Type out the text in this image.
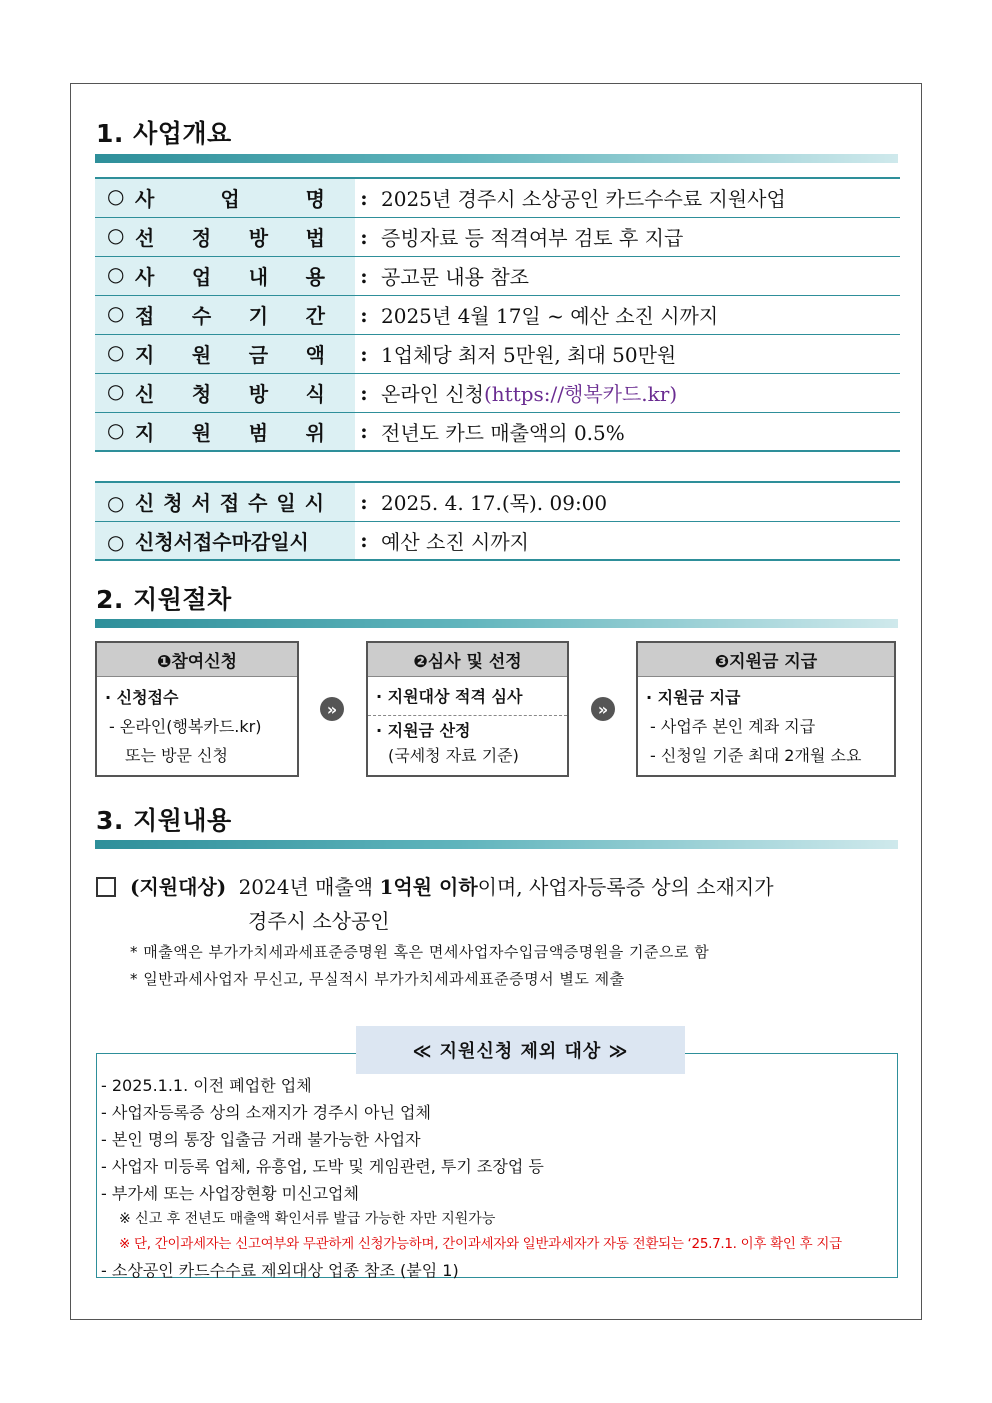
1. 사업개요
○ 사 업 명	:	2025년 경주시 소상공인 카드수수료 지원사업
○ 선 정 방 법	:	증빙자료 등 적격여부 검토 후 지급
○ 사 업 내 용	:	공고문 내용 참조
○ 접 수 기 간	:	2025년 4월 17일 ~ 예산 소진 시까지
○ 지 원 금 액	:	1업체당 최저 5만원, 최대 50만원
○ 신 청 방 식	:	온라인 신청(https://행복카드.kr)
○ 지 원 범 위	:	전년도 카드 매출액의 0.5%
○ 신 청 서 접 수 일 시	:	2025. 4. 17.(목). 09:00
○ 신청서접수마감일시	:	예산 소진 시까지
2. 지원절차
❶참여신청
· 신청접수
- 온라인(행복카드.kr)
또는 방문 신청
»
❷심사 및 선정
· 지원대상 적격 심사
· 지원금 산정
(국세청 자료 기준)
»
❸지원금 지급
· 지원금 지급
- 사업주 본인 계좌 지급
- 신청일 기준 최대 2개월 소요
3. 지원내용
(지원대상) 2024년 매출액 1억원 이하이며, 사업자등록증 상의 소재지가
경주시 소상공인
* 매출액은 부가가치세과세표준증명원 혹은 면세사업자수입금액증명원을 기준으로 함
* 일반과세사업자 무신고, 무실적시 부가가치세과세표준증명서 별도 제출
- 2025.1.1. 이전 폐업한 업체
- 사업자등록증 상의 소재지가 경주시 아닌 업체
- 본인 명의 통장 입출금 거래 불가능한 사업자
- 사업자 미등록 업체, 유흥업, 도박 및 게임관련, 투기 조장업 등
- 부가세 또는 사업장현황 미신고업체
※ 신고 후 전년도 매출액 확인서류 발급 가능한 자만 지원가능
※ 단, 간이과세자는 신고여부와 무관하게 신청가능하며, 간이과세자와 일반과세자가 자동 전환되는 ‘25.7.1. 이후 확인 후 지급
- 소상공인 카드수수료 제외대상 업종 참조 (붙임 1)
≪ 지원신청 제외 대상 ≫
